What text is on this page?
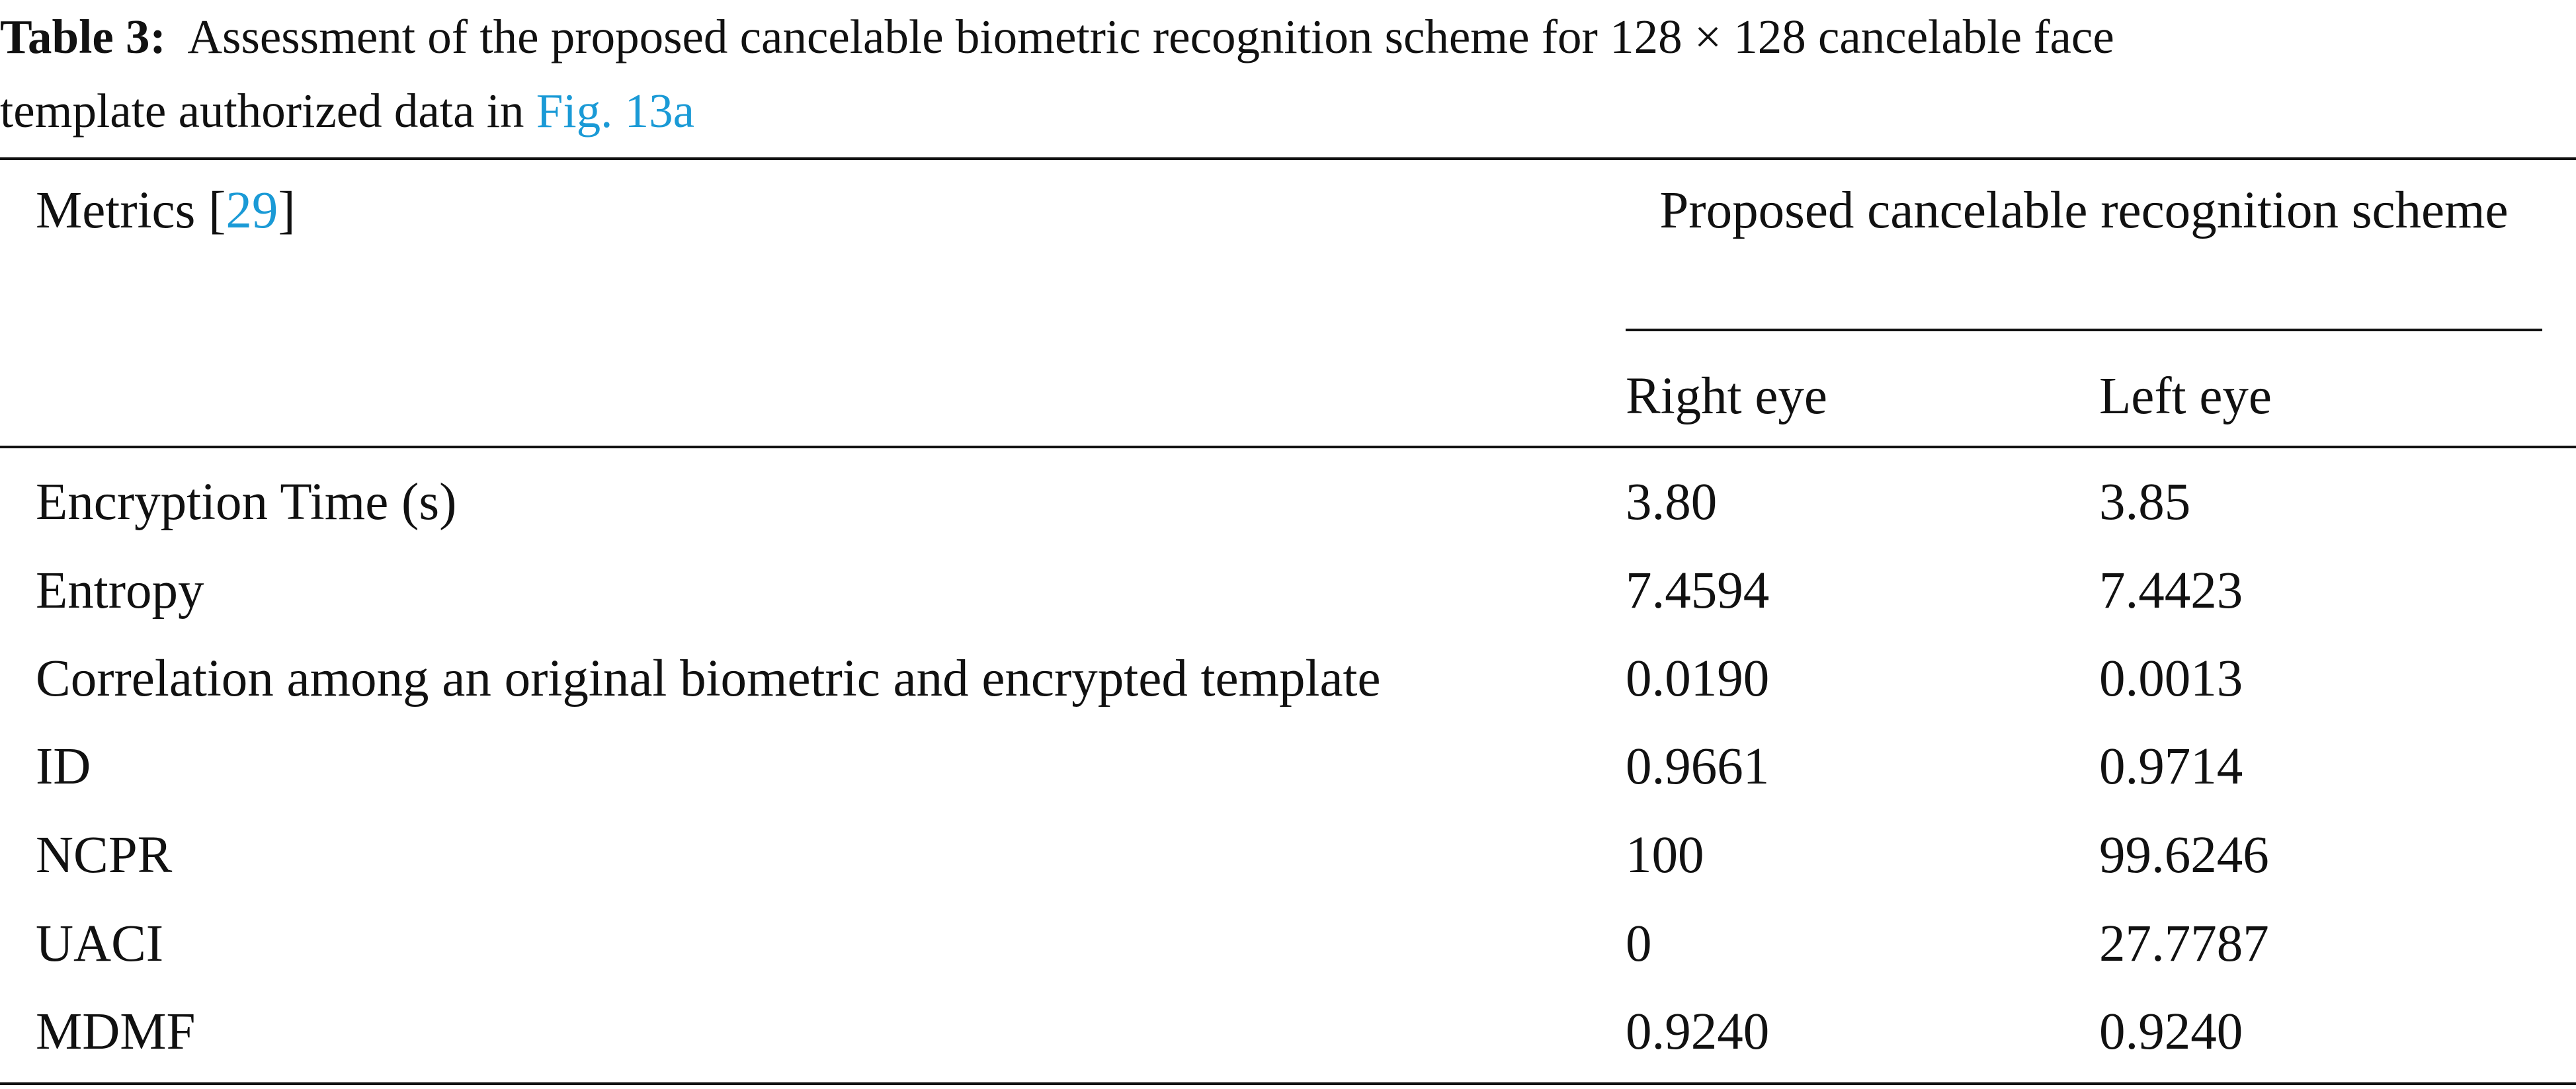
Table 3: Assessment of the proposed cancelable biometric recognition scheme for 128 × 128 cancelable face
template authorized data in Fig. 13a
Metrics [29]	Proposed cancelable recognition scheme
Right eye	Left eye
Encryption Time (s)	3.80	3.85
Entropy	7.4594	7.4423
Correlation among an original biometric and encrypted template	0.0190	0.0013
ID	0.9661	0.9714
NCPR	100	99.6246
UACI	0	27.7787
MDMF	0.9240	0.9240
